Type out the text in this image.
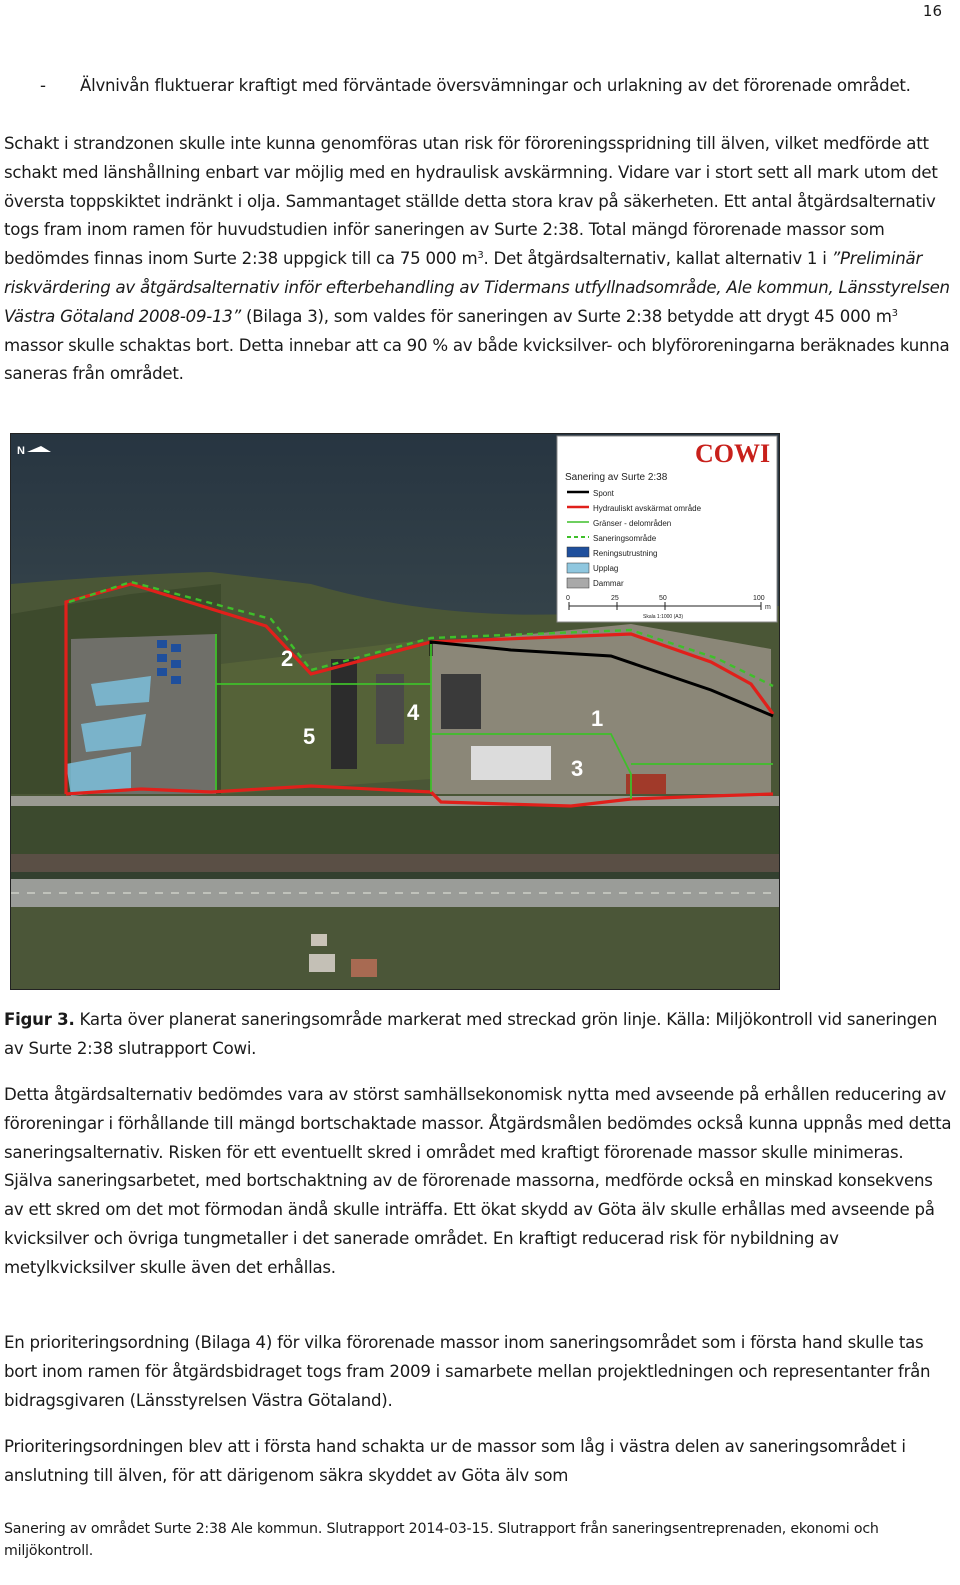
16
- Älvnivån fluktuerar kraftigt med förväntade översvämningar och urlakning av det förorenade området.
Schakt i strandzonen skulle inte kunna genomföras utan risk för föroreningsspridning till älven, vilket medförde att schakt med länshållning enbart var möjlig med en hydraulisk avskärmning. Vidare var i stort sett all mark utom det översta toppskiktet indränkt i olja. Sammantaget ställde detta stora krav på säkerheten. Ett antal åtgärdsalternativ togs fram inom ramen för huvudstudien inför saneringen av Surte 2:38. Total mängd förorenade massor som bedömdes finnas inom Surte 2:38 uppgick till ca 75 000 $m^3$. Det åtgärdsalternativ, kallat alternativ 1 i ”Preliminär riskvärdering av åtgärdsalternativ inför efterbehandling av Tidermans utfyllnadsområde, Ale kommun, Länsstyrelsen Västra Götaland 2008-09-13” (Bilaga 3), som valdes för saneringen av Surte 2:38 betydde att drygt 45 000 $m^3$ massor skulle schaktas bort. Detta innebar att ca 90 % av både kvicksilver- och blyföroreningarna beräknades kunna saneras från området.
1
2
3
4
5
N	COWI
Sanering av Surte 2:38
Spont
Hydrauliskt avskärmat område
Gränser - delområden
Saneringsområde
Reningsutrustning
Upplag
Dammar
0	25	50	100
m
Skala 1:1000 (A3)
Figur 3. Karta över planerat saneringsområde markerat med streckad grön linje. Källa: Miljökontroll vid saneringen av Surte 2:38 slutrapport Cowi.
Detta åtgärdsalternativ bedömdes vara av störst samhällsekonomisk nytta med avseende på erhållen reducering av föroreningar i förhållande till mängd bortschaktade massor. Åtgärdsmålen bedömdes också kunna uppnås med detta saneringsalternativ. Risken för ett eventuellt skred i området med kraftigt förorenade massor skulle minimeras. Själva saneringsarbetet, med bortschaktning av de förorenade massorna, medförde också en minskad konsekvens av ett skred om det mot förmodan ändå skulle inträffa. Ett ökat skydd av Göta älv skulle erhållas med avseende på kvicksilver och övriga tungmetaller i det sanerade området. En kraftigt reducerad risk för nybildning av metylkvicksilver skulle även det erhållas.
En prioriteringsordning (Bilaga 4) för vilka förorenade massor inom saneringsområdet som i första hand skulle tas bort inom ramen för åtgärdsbidraget togs fram 2009 i samarbete mellan projektledningen och representanter från bidragsgivaren (Länsstyrelsen Västra Götaland).
Prioriteringsordningen blev att i första hand schakta ur de massor som låg i västra delen av saneringsområdet i anslutning till älven, för att därigenom säkra skyddet av Göta älv som
Sanering av området Surte 2:38 Ale kommun. Slutrapport 2014-03-15. Slutrapport från saneringsentreprenaden, ekonomi och miljökontroll.
